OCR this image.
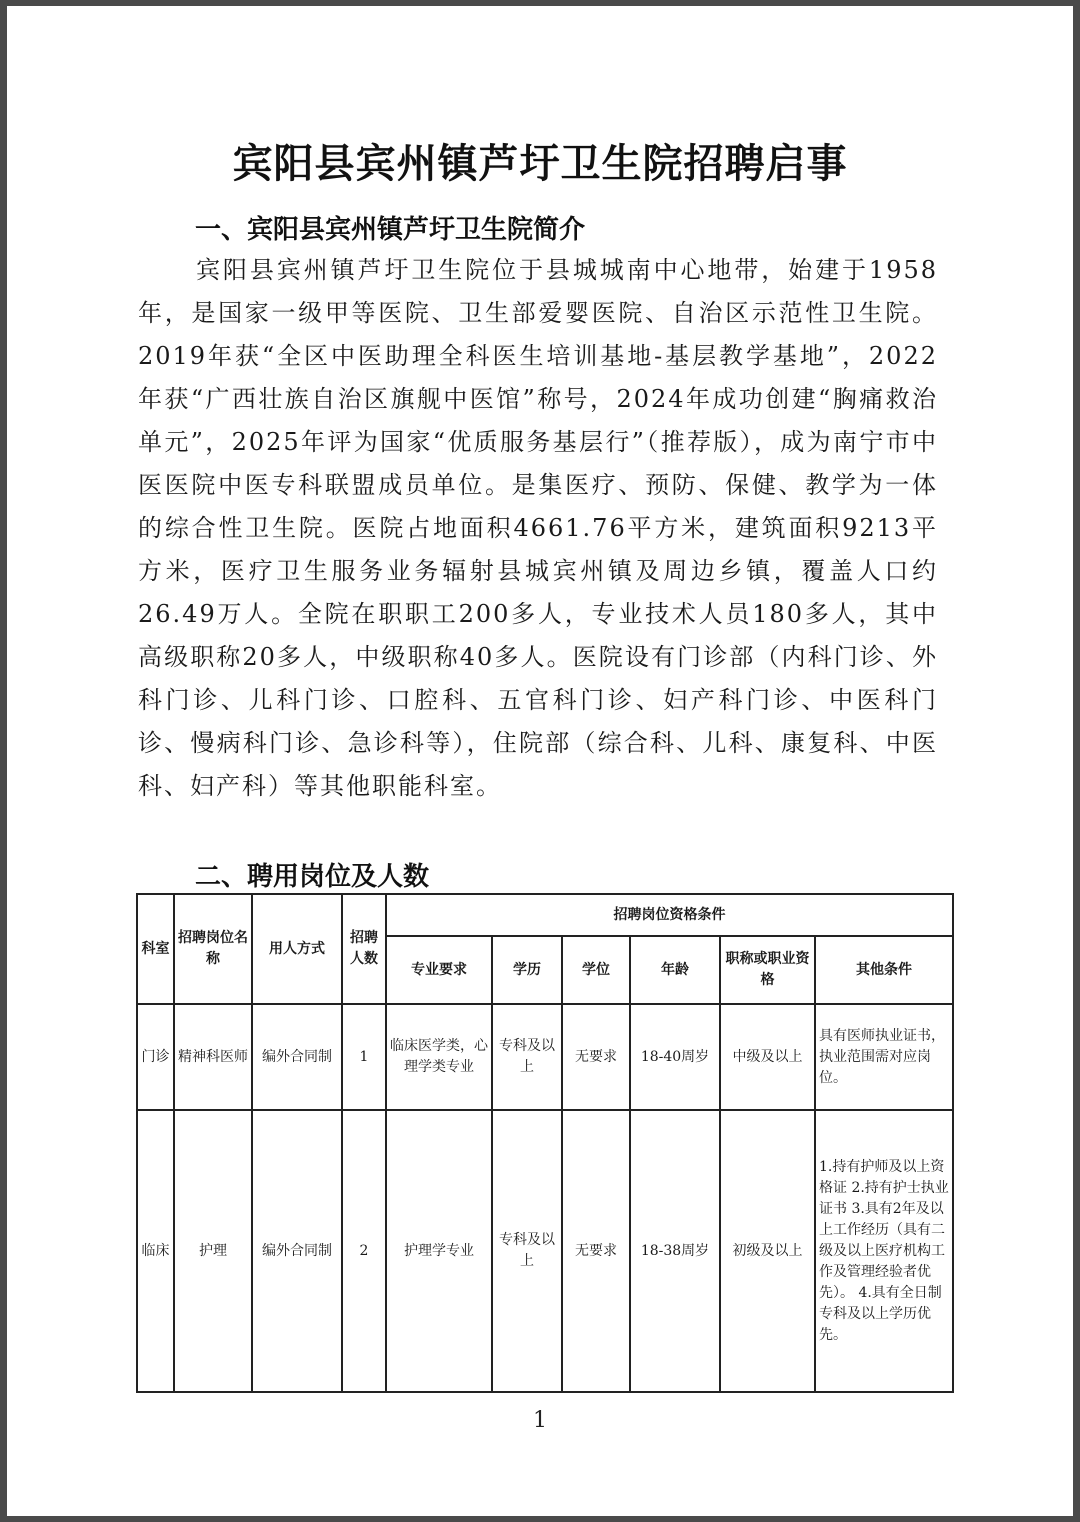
宾阳县宾州镇芦圩卫生院招聘启事
一、宾阳县宾州镇芦圩卫生院简介
宾阳县宾州镇芦圩卫生院位于县城城南中心地带，始建于1958年，是国家一级甲等医院、卫生部爱婴医院、自治区示范性卫生院。2019年获“全区中医助理全科医生培训基地-基层教学基地”，2022年获“广西壮族自治区旗舰中医馆”称号，2024年成功创建“胸痛救治单元”，2025年评为国家“优质服务基层行”（推荐版），成为南宁市中医医院中医专科联盟成员单位。是集医疗、预防、保健、教学为一体的综合性卫生院。医院占地面积4661.76平方米，建筑面积9213平方米，医疗卫生服务业务辐射县城宾州镇及周边乡镇，覆盖人口约26.49万人。全院在职职工200多人，专业技术人员180多人，其中高级职称20多人，中级职称40多人。医院设有门诊部（内科门诊、外科门诊、儿科门诊、口腔科、五官科门诊、妇产科门诊、中医科门诊、慢病科门诊、急诊科等），住院部（综合科、儿科、康复科、中医科、妇产科）等其他职能科室。
二、聘用岗位及人数
科室	招聘岗位名称	用人方式	招聘人数	招聘岗位资格条件					
				专业要求	学历	学位	年龄	职称或职业资格	其他条件
门诊	精神科医师	编外合同制	1	临床医学类，心理学类专业	专科及以上	无要求	18-40周岁	中级及以上	具有医师执业证书，执业范围需对应岗位。
临床	护理	编外合同制	2	护理学专业	专科及以上	无要求	18-38周岁	初级及以上	1.持有护师及以上资格证 2.持有护士执业证书 3.具有2年及以上工作经历（具有二级及以上医疗机构工作及管理经验者优先）。 4.具有全日制专科及以上学历优先。
1
